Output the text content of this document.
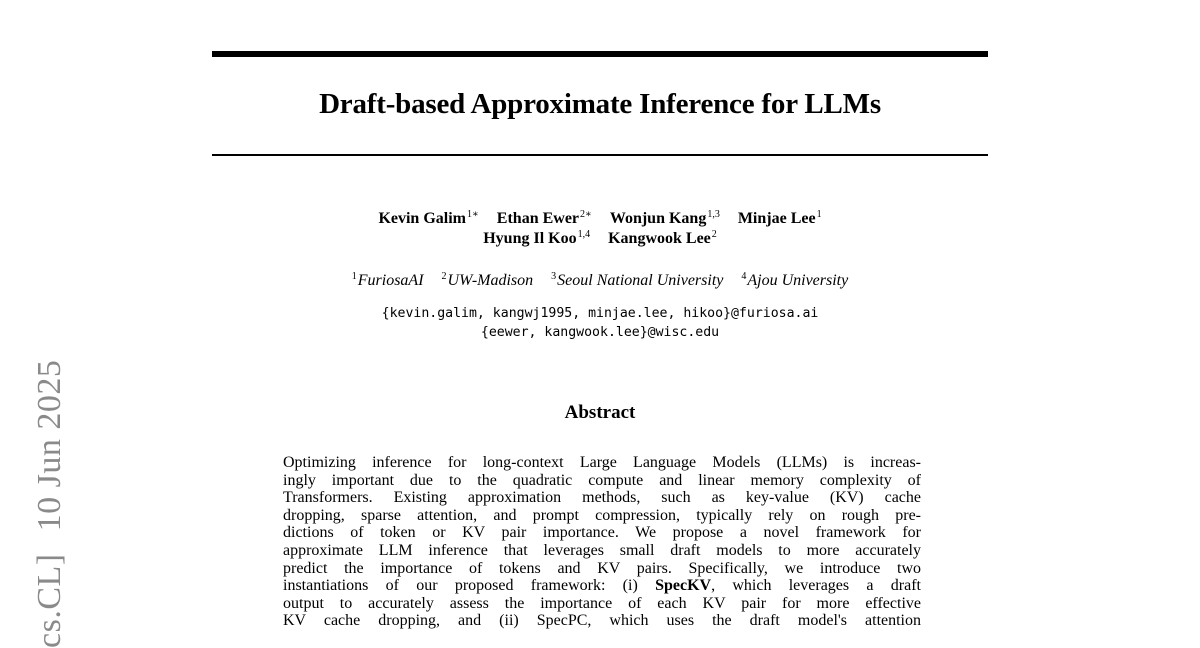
Draft-based Approximate Inference for LLMs
Kevin Galim$^{1∗}$ Ethan Ewer$^{2∗}$ Wonjun Kang$^{1,3}$ Minjae Lee$^1$
Hyung Il Koo$^{1,4}$ Kangwook Lee$^2$
$^1$FuriosaAI $^2$UW-Madison $^3$Seoul National University $^4$Ajou University
{kevin.galim, kangwj1995, minjae.lee, hikoo}@furiosa.ai
{eewer, kangwook.lee}@wisc.edu
Abstract
Optimizing inference for long-context Large Language Models (LLMs) is increas-
ingly important due to the quadratic compute and linear memory complexity of
Transformers. Existing approximation methods, such as key-value (KV) cache
dropping, sparse attention, and prompt compression, typically rely on rough pre-
dictions of token or KV pair importance. We propose a novel framework for
approximate LLM inference that leverages small draft models to more accurately
predict the importance of tokens and KV pairs. Specifically, we introduce two
instantiations of our proposed framework: (i) SpecKV, which leverages a draft
output to accurately assess the importance of each KV pair for more effective
KV cache dropping, and (ii) SpecPC, which uses the draft model's attention
cs.CL]10 Jun 2025
